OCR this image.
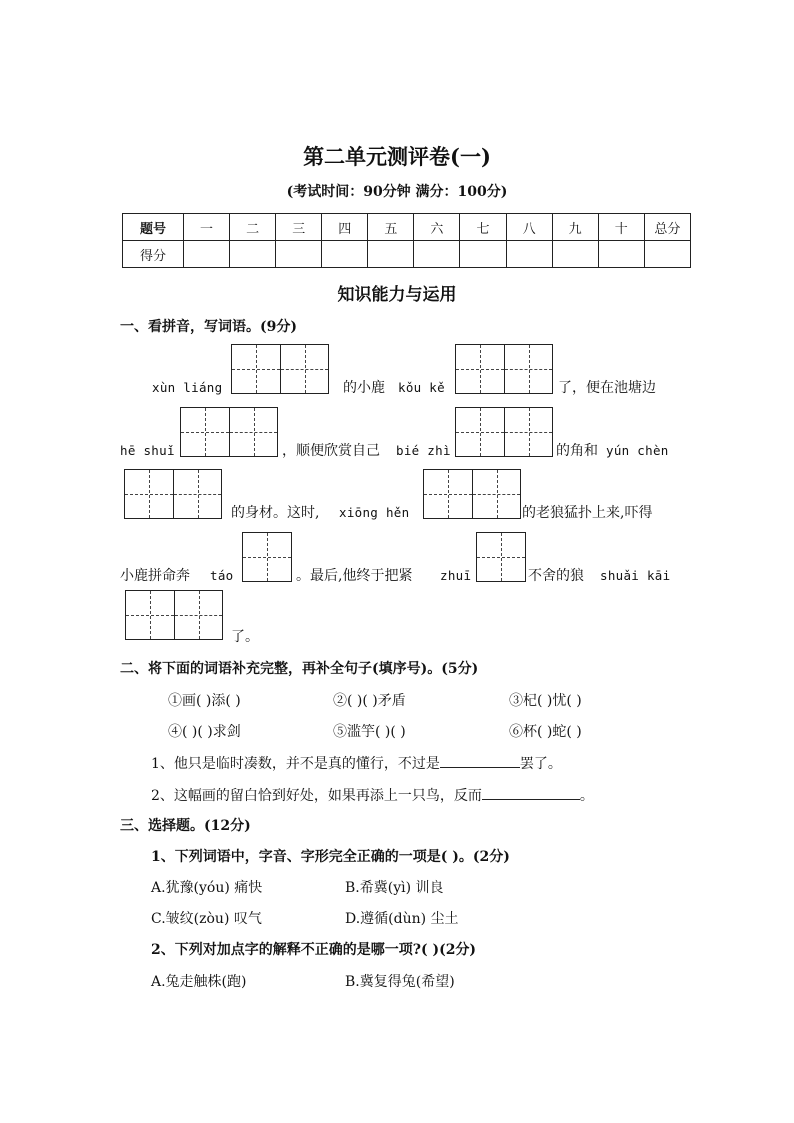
第二单元测评卷(一)
(考试时间：90分钟 满分：100分)
题号	一	二	三	四	五	六	七	八	九	十	总分
得分											
知识能力与运用
一、看拼音，写词语。(9分)
xùn liáng	的小鹿 kǒu kě	了，便在池塘边
hē shuǐ	，顺便欣赏自己 bié zhì	的角和 yún chèn
的身材。这时, xiōng hěn	的老狼猛扑上来,吓得
小鹿拼命奔 táo	。最后,他终于把紧 zhuī	不舍的狼 shuǎi kāi
了。
二、将下面的词语补充完整，再补全句子(填序号)。(5分)
①画( )添( )	②( )( )矛盾	③杞( )忧( )
④( )( )求剑	⑤滥竽( )( )	⑥杯( )蛇( )
1、他只是临时凑数，并不是真的懂行，不过是	罢了。
2、这幅画的留白恰到好处，如果再添上一只鸟，反而	。
三、选择题。(12分)
1、下列词语中，字音、字形完全正确的一项是( )。(2分)
A.犹豫(yóu) 痛快	B.希冀(yì) 训良
C.皱纹(zòu) 叹气	D.遵循(dùn) 尘土
2、下列对加点字的解释不正确的是哪一项?( )(2分)
A.兔走触株(跑)	B.冀复得兔(希望)
